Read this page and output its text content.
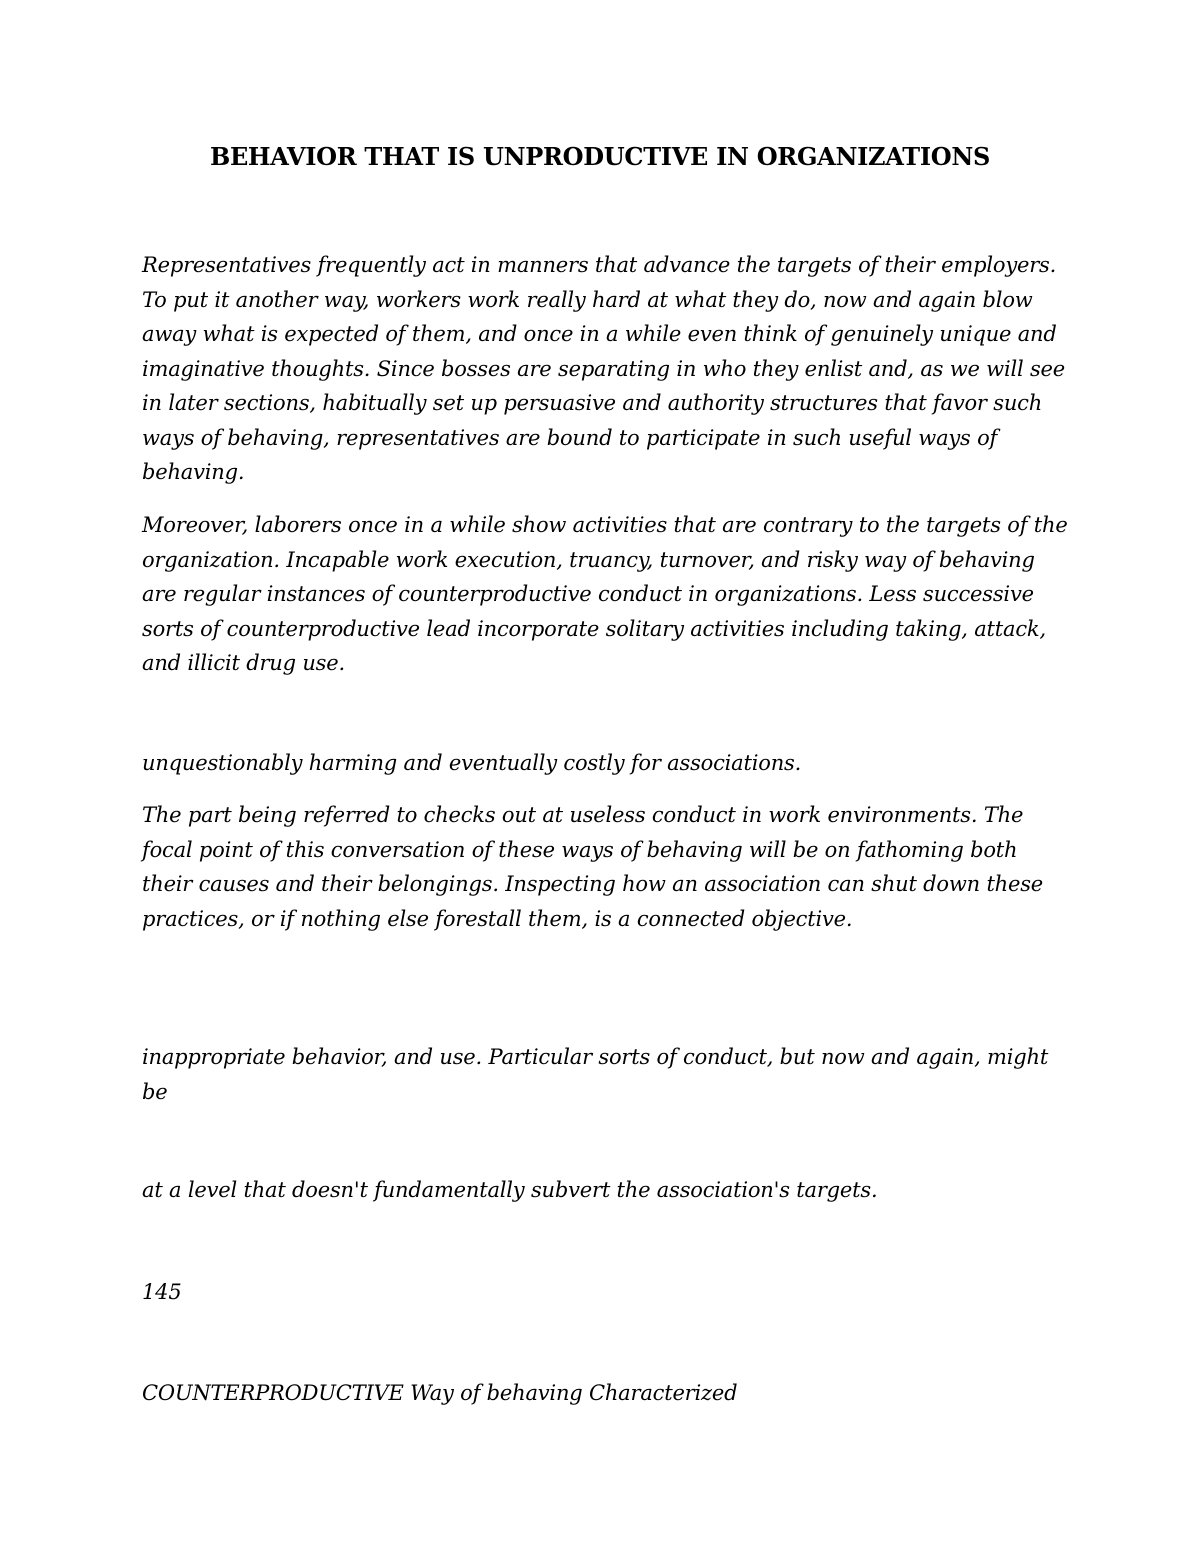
BEHAVIOR THAT IS UNPRODUCTIVE IN ORGANIZATIONS

Representatives frequently act in manners that advance the targets of their employers. To put it another way, workers work really hard at what they do, now and again blow away what is expected of them, and once in a while even think of genuinely unique and imaginative thoughts. Since bosses are separating in who they enlist and, as we will see in later sections, habitually set up persuasive and authority structures that favor such ways of behaving, representatives are bound to participate in such useful ways of behaving.

Moreover, laborers once in a while show activities that are contrary to the targets of the organization. Incapable work execution, truancy, turnover, and risky way of behaving are regular instances of counterproductive conduct in organizations. Less successive sorts of counterproductive lead incorporate solitary activities including taking, attack, and illicit drug use.

unquestionably harming and eventually costly for associations.

The part being referred to checks out at useless conduct in work environments. The focal point of this conversation of these ways of behaving will be on fathoming both their causes and their belongings. Inspecting how an association can shut down these practices, or if nothing else forestall them, is a connected objective.

inappropriate behavior, and use. Particular sorts of conduct, but now and again, might be

at a level that doesn't fundamentally subvert the association's targets.

145

COUNTERPRODUCTIVE Way of behaving Characterized
